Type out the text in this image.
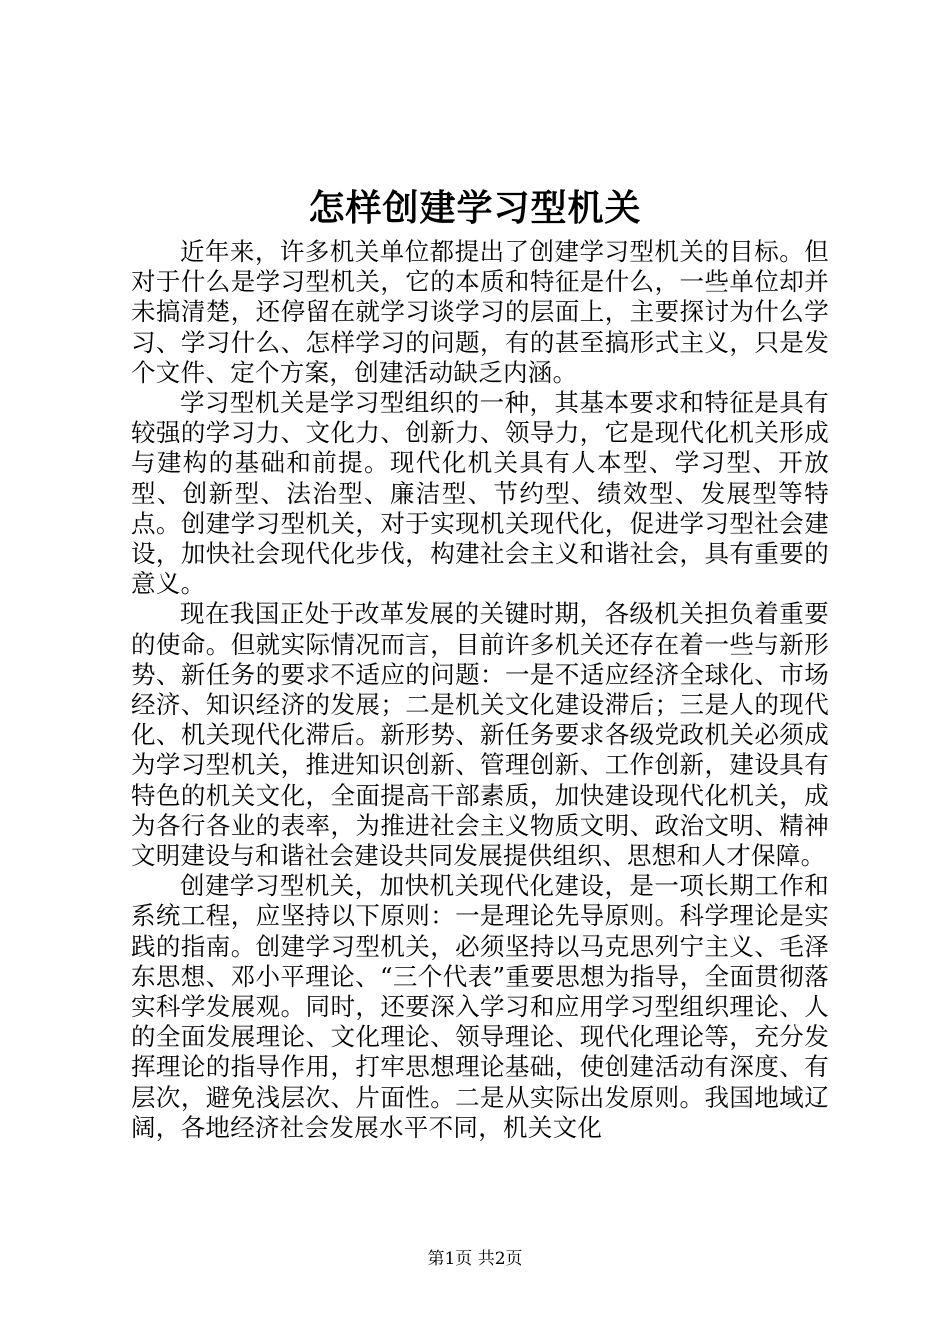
怎样创建学习型机关

近年来，许多机关单位都提出了创建学习型机关的目标。但对于什么是学习型机关，它的本质和特征是什么，一些单位却并未搞清楚，还停留在就学习谈学习的层面上，主要探讨为什么学习、学习什么、怎样学习的问题，有的甚至搞形式主义，只是发个文件、定个方案，创建活动缺乏内涵。

学习型机关是学习型组织的一种，其基本要求和特征是具有较强的学习力、文化力、创新力、领导力，它是现代化机关形成与建构的基础和前提。现代化机关具有人本型、学习型、开放型、创新型、法治型、廉洁型、节约型、绩效型、发展型等特点。创建学习型机关，对于实现机关现代化，促进学习型社会建设，加快社会现代化步伐，构建社会主义和谐社会，具有重要的意义。

现在我国正处于改革发展的关键时期，各级机关担负着重要的使命。但就实际情况而言，目前许多机关还存在着一些与新形势、新任务的要求不适应的问题：一是不适应经济全球化、市场经济、知识经济的发展；二是机关文化建设滞后；三是人的现代化、机关现代化滞后。新形势、新任务要求各级党政机关必须成为学习型机关，推进知识创新、管理创新、工作创新，建设具有特色的机关文化，全面提高干部素质，加快建设现代化机关，成为各行各业的表率，为推进社会主义物质文明、政治文明、精神文明建设与和谐社会建设共同发展提供组织、思想和人才保障。

创建学习型机关，加快机关现代化建设，是一项长期工作和系统工程，应坚持以下原则：一是理论先导原则。科学理论是实践的指南。创建学习型机关，必须坚持以马克思列宁主义、毛泽东思想、邓小平理论、“三个代表”重要思想为指导，全面贯彻落实科学发展观。同时，还要深入学习和应用学习型组织理论、人的全面发展理论、文化理论、领导理论、现代化理论等，充分发挥理论的指导作用，打牢思想理论基础，使创建活动有深度、有层次，避免浅层次、片面性。二是从实际出发原则。我国地域辽阔，各地经济社会发展水平不同，机关文化

第1页 共2页
